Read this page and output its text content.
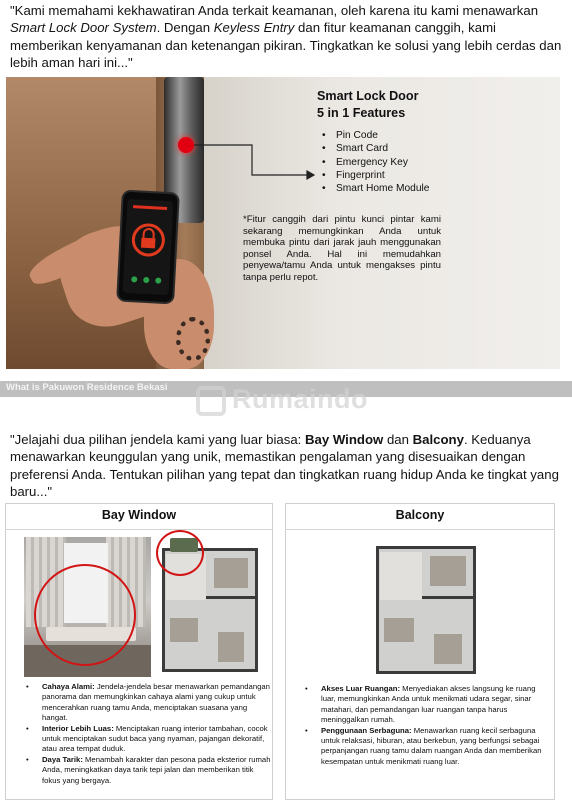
"Kami memahami kekhawatiran Anda terkait keamanan, oleh karena itu kami menawarkan Smart Lock Door System. Dengan Keyless Entry dan fitur keamanan canggih, kami memberikan kenyamanan dan ketenangan pikiran. Tingkatkan ke solusi yang lebih cerdas dan lebih aman hari ini..."

Smart Lock Door
5 in 1 Features
• Pin Code
• Smart Card
• Emergency Key
• Fingerprint
• Smart Home Module

*Fitur canggih dari pintu kunci pintar kami sekarang memungkinkan Anda untuk membuka pintu dari jarak jauh menggunakan ponsel Anda. Hal ini memudahkan penyewa/tamu Anda untuk mengakses pintu tanpa perlu repot.

What is Pakuwon Residence Bekasi Rumaindo

"Jelajahi dua pilihan jendela kami yang luar biasa: Bay Window dan Balcony. Keduanya menawarkan keunggulan yang unik, memastikan pengalaman yang disesuaikan dengan preferensi Anda. Tentukan pilihan yang tepat dan tingkatkan ruang hidup Anda ke tingkat yang baru..."

Bay Window
• Cahaya Alami: Jendela-jendela besar menawarkan pemandangan panorama dan memungkinkan cahaya alami yang cukup untuk mencerahkan ruang tamu Anda, menciptakan suasana yang hangat.
• Interior Lebih Luas: Menciptakan ruang interior tambahan, cocok untuk menciptakan sudut baca yang nyaman, pajangan dekoratif, atau area tempat duduk.
• Daya Tarik: Menambah karakter dan pesona pada eksterior rumah Anda, meningkatkan daya tarik tepi jalan dan memberikan titik fokus yang bergaya.
Balcony
• Akses Luar Ruangan: Menyediakan akses langsung ke ruang luar, memungkinkan Anda untuk menikmati udara segar, sinar matahari, dan pemandangan luar ruangan tanpa harus meninggalkan rumah.
• Penggunaan Serbaguna: Menawarkan ruang kecil serbaguna untuk relaksasi, hiburan, atau berkebun, yang berfungsi sebagai perpanjangan ruang tamu dalam ruangan Anda dan memberikan kesempatan untuk menikmati ruang luar.
